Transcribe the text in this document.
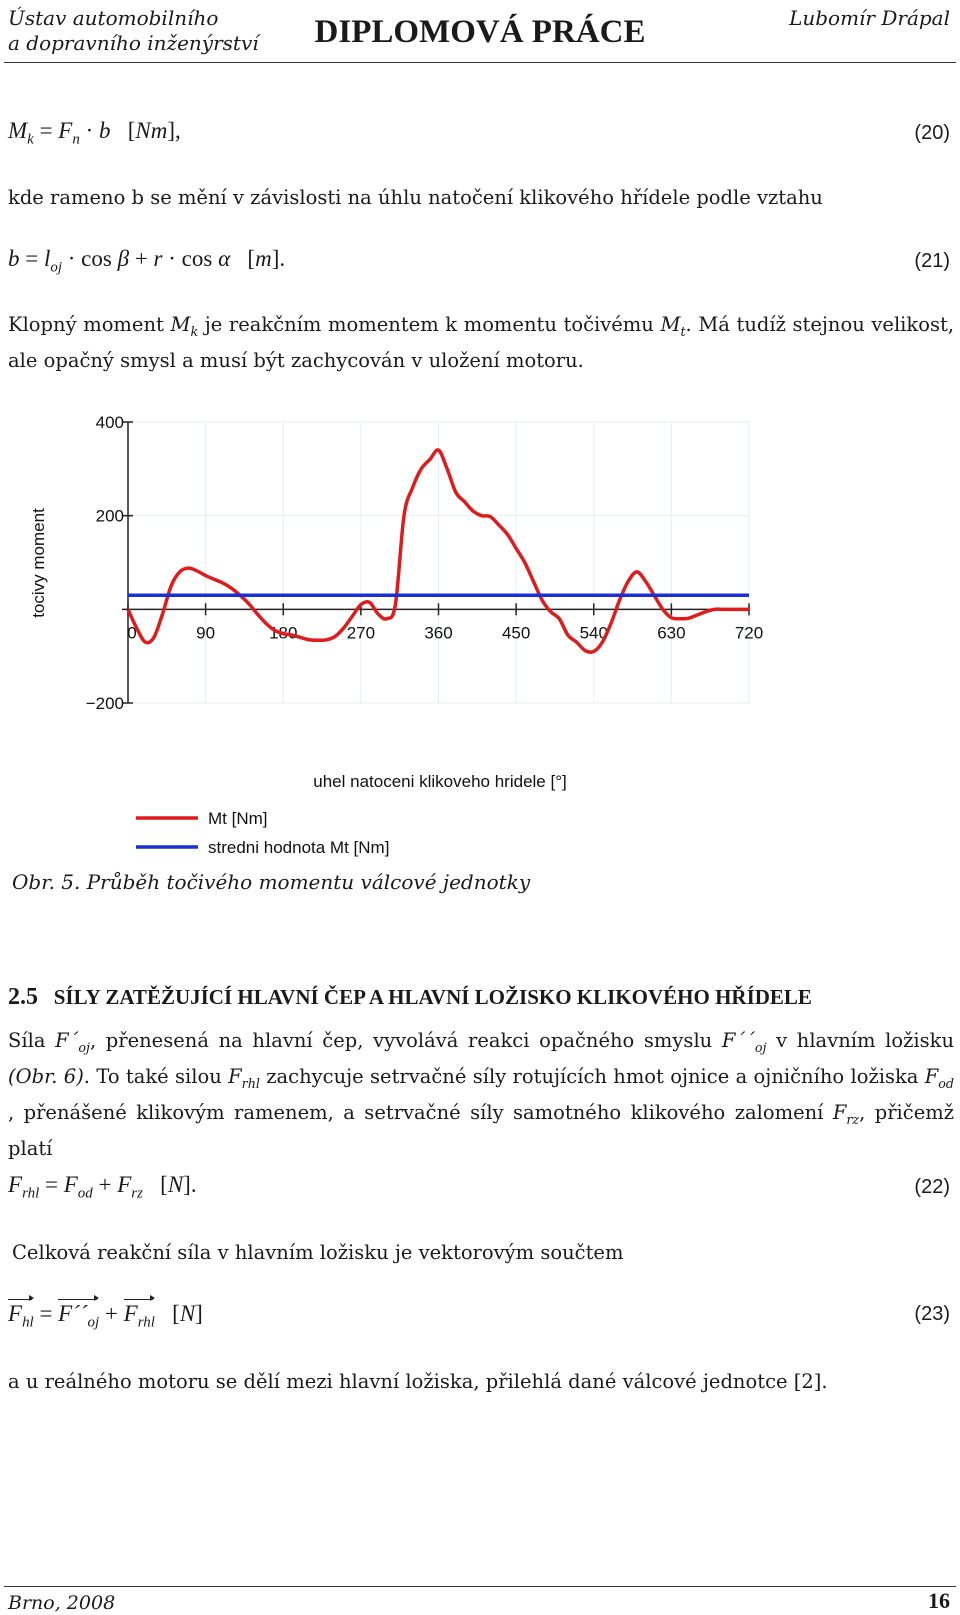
Ústav automobilního
a dopravního inženýrství	DIPLOMOVÁ PRÁCE	Lubomír Drápal
$M_k = F_n \cdot b$   [Nm],	(20)
kde rameno b se mění v závislosti na úhlu natočení klikového hřídele podle vztahu
$b = l_{oj} \cdot \cos \beta + r \cdot \cos \alpha$   [m].	(21)
Klopný moment $M_k$ je reakčním momentem k momentu točivému $M_t$. Má tudíž stejnou velikost, ale opačný smysl a musí být zachycován v uložení motoru.
0	90	180	270	360	450	540	630	720
400
200
−200
tocivy moment
uhel natoceni klikoveho hridele [°]
Mt [Nm]
stredni hodnota Mt [Nm]
Obr. 5. Průběh točivého momentu válcové jednotky
2.5 SÍLY ZATĚŽUJÍCÍ HLAVNÍ ČEP A HLAVNÍ LOŽISKO KLIKOVÉHO HŘÍDELE
Síla $F´_{oj}$, přenesená na hlavní čep, vyvolává reakci opačného smyslu $F´´_{oj}$ v hlavním ložisku (Obr. 6). To také silou $F_{rhl}$ zachycuje setrvačné síly rotujících hmot ojnice a ojničního ložiska $F_{od}$ , přenášené klikovým ramenem, a setrvačné síly samotného klikového zalomení $F_{rz}$, přičemž platí
$F_{rhl} = F_{od} + F_{rz}$ [N].	(22)
Celková reakční síla v hlavním ložisku je vektorovým součtem
$F_{hl}$ = $F´´_{oj} + F_{rhl}$ [N]	(23)
a u reálného motoru se dělí mezi hlavní ložiska, přilehlá dané válcové jednotce [2].
Brno, 2008	16
